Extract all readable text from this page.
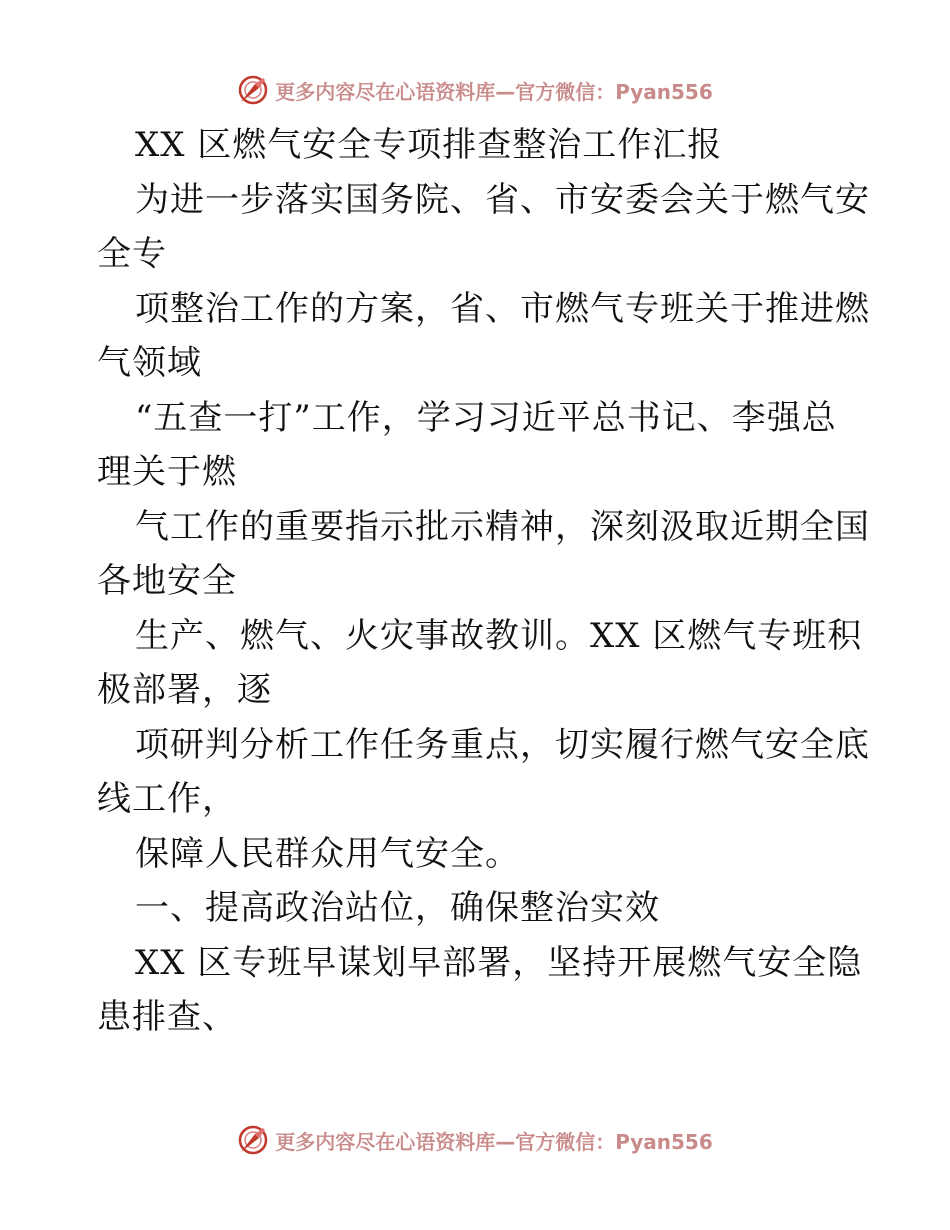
更多内容尽在心语资料库—官方微信：Pyan556
XX 区燃气安全专项排查整治工作汇报
为进一步落实国务院、省、市安委会关于燃气安
全专
项整治工作的方案，省、市燃气专班关于推进燃
气领域
“五查一打”工作，学习习近平总书记、李强总
理关于燃
气工作的重要指示批示精神，深刻汲取近期全国
各地安全
生产、燃气、火灾事故教训。XX 区燃气专班积
极部署，逐
项研判分析工作任务重点，切实履行燃气安全底
线工作，
保障人民群众用气安全。
一、提高政治站位，确保整治实效
XX 区专班早谋划早部署，坚持开展燃气安全隐
患排查、
更多内容尽在心语资料库—官方微信：Pyan556
